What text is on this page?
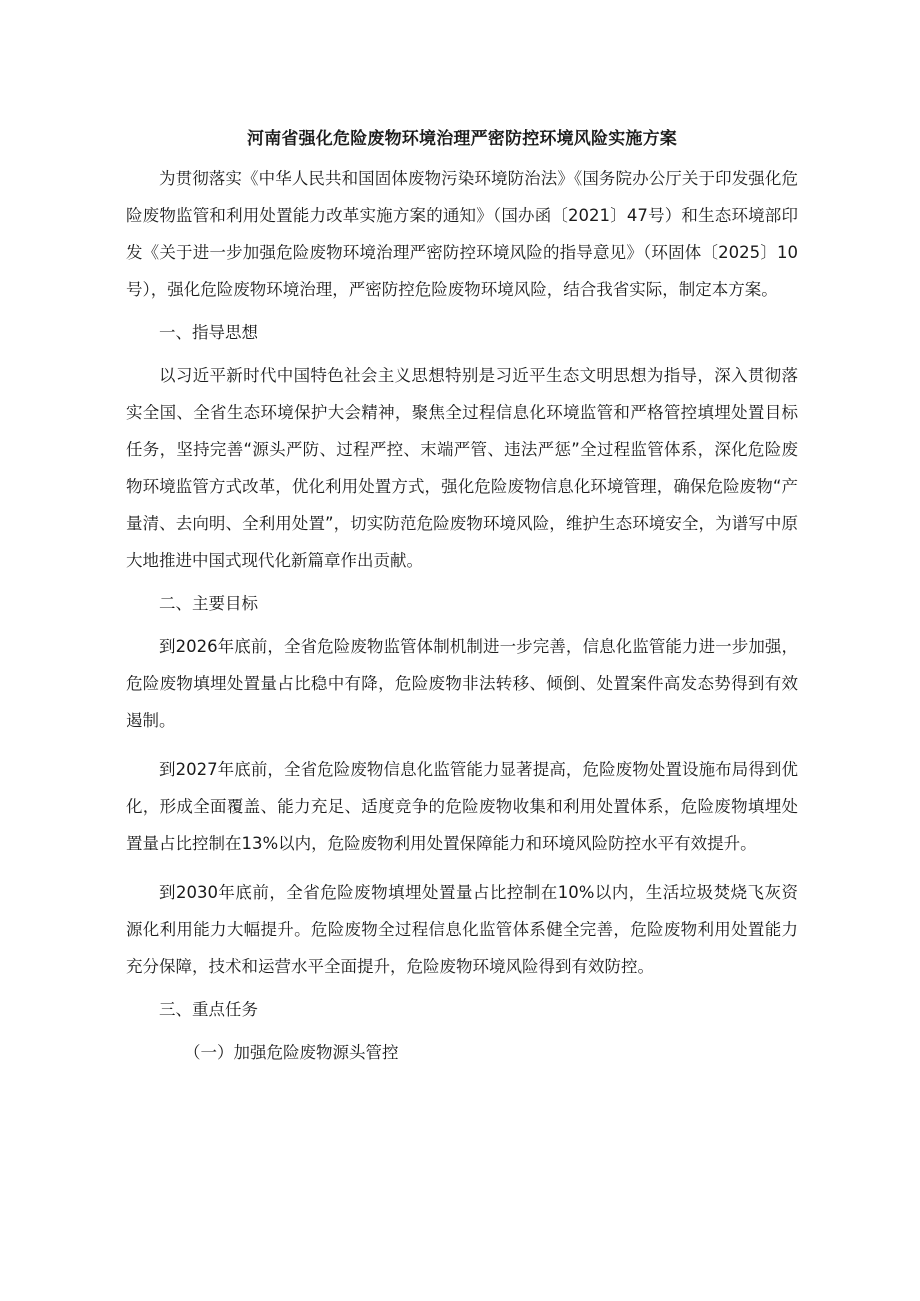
河南省强化危险废物环境治理严密防控环境风险实施方案

为贯彻落实《中华人民共和国固体废物污染环境防治法》《国务院办公厅关于印发强化危险废物监管和利用处置能力改革实施方案的通知》（国办函〔2021〕47号）和生态环境部印发《关于进一步加强危险废物环境治理严密防控环境风险的指导意见》（环固体〔2025〕10号），强化危险废物环境治理，严密防控危险废物环境风险，结合我省实际，制定本方案。

一、指导思想

以习近平新时代中国特色社会主义思想特别是习近平生态文明思想为指导，深入贯彻落实全国、全省生态环境保护大会精神，聚焦全过程信息化环境监管和严格管控填埋处置目标任务，坚持完善“源头严防、过程严控、末端严管、违法严惩”全过程监管体系，深化危险废物环境监管方式改革，优化利用处置方式，强化危险废物信息化环境管理，确保危险废物“产量清、去向明、全利用处置”，切实防范危险废物环境风险，维护生态环境安全，为谱写中原大地推进中国式现代化新篇章作出贡献。

二、主要目标

到2026年底前，全省危险废物监管体制机制进一步完善，信息化监管能力进一步加强，危险废物填埋处置量占比稳中有降，危险废物非法转移、倾倒、处置案件高发态势得到有效遏制。

到2027年底前，全省危险废物信息化监管能力显著提高，危险废物处置设施布局得到优化，形成全面覆盖、能力充足、适度竞争的危险废物收集和利用处置体系，危险废物填埋处置量占比控制在13%以内，危险废物利用处置保障能力和环境风险防控水平有效提升。

到2030年底前，全省危险废物填埋处置量占比控制在10%以内，生活垃圾焚烧飞灰资源化利用能力大幅提升。危险废物全过程信息化监管体系健全完善，危险废物利用处置能力充分保障，技术和运营水平全面提升，危险废物环境风险得到有效防控。

三、重点任务

（一）加强危险废物源头管控
